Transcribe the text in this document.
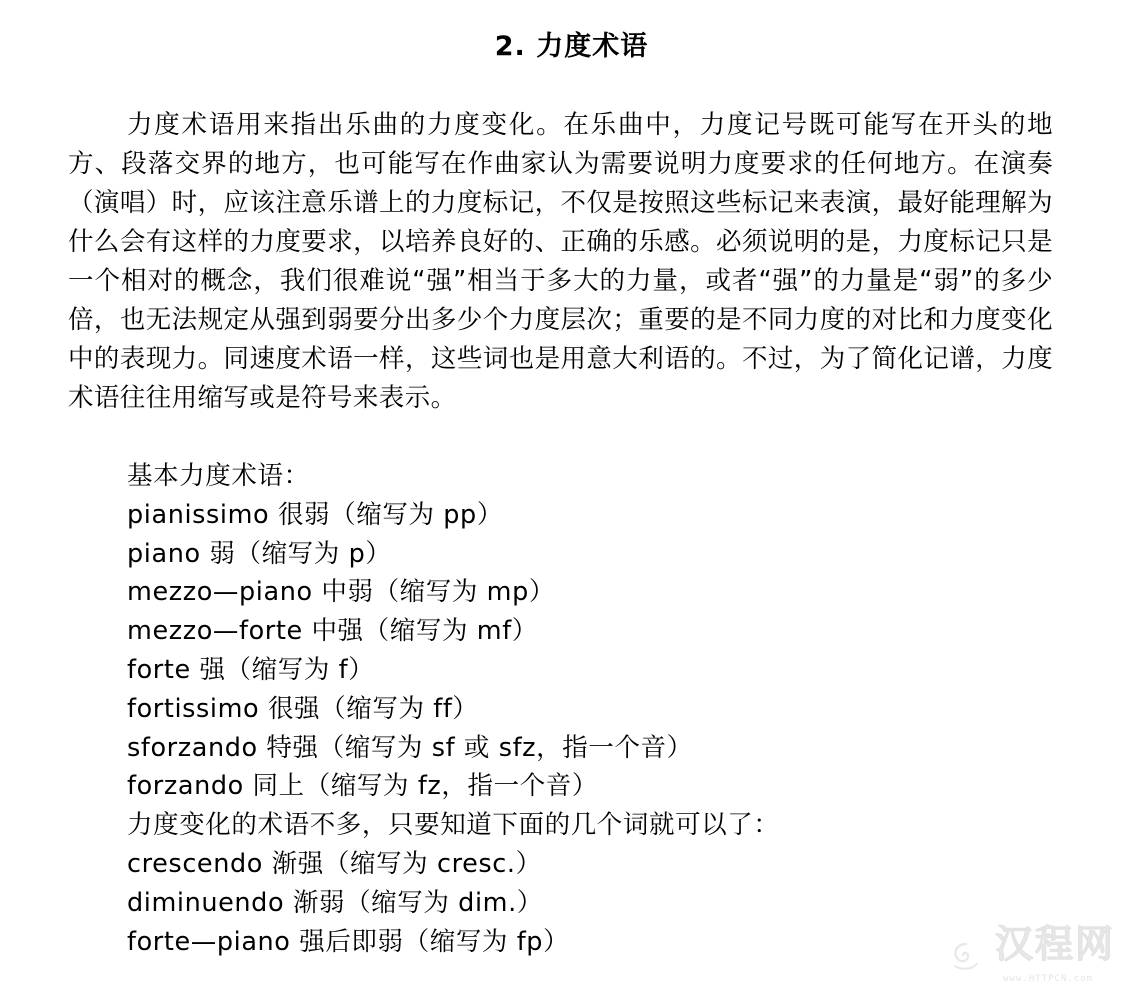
2. 力度术语
力度术语用来指出乐曲的力度变化。在乐曲中，力度记号既可能写在开头的地方、段落交界的地方，也可能写在作曲家认为需要说明力度要求的任何地方。在演奏（演唱）时，应该注意乐谱上的力度标记，不仅是按照这些标记来表演，最好能理解为什么会有这样的力度要求，以培养良好的、正确的乐感。必须说明的是，力度标记只是一个相对的概念，我们很难说“强”相当于多大的力量，或者“强”的力量是“弱”的多少倍，也无法规定从强到弱要分出多少个力度层次；重要的是不同力度的对比和力度变化中的表现力。同速度术语一样，这些词也是用意大利语的。不过，为了简化记谱，力度术语往往用缩写或是符号来表示。
基本力度术语：
pianissimo 很弱（缩写为 pp）
piano 弱（缩写为 p）
mezzo—piano 中弱（缩写为 mp）
mezzo—forte 中强（缩写为 mf）
forte 强（缩写为 f）
fortissimo 很强（缩写为 ff）
sforzando 特强（缩写为 sf 或 sfz，指一个音）
forzando 同上（缩写为 fz，指一个音）
力度变化的术语不多，只要知道下面的几个词就可以了：
crescendo 渐强（缩写为 cresc.）
diminuendo 渐弱（缩写为 dim.）
forte—piano 强后即弱（缩写为 fp）	汉程网
www.HTTPCN.com
